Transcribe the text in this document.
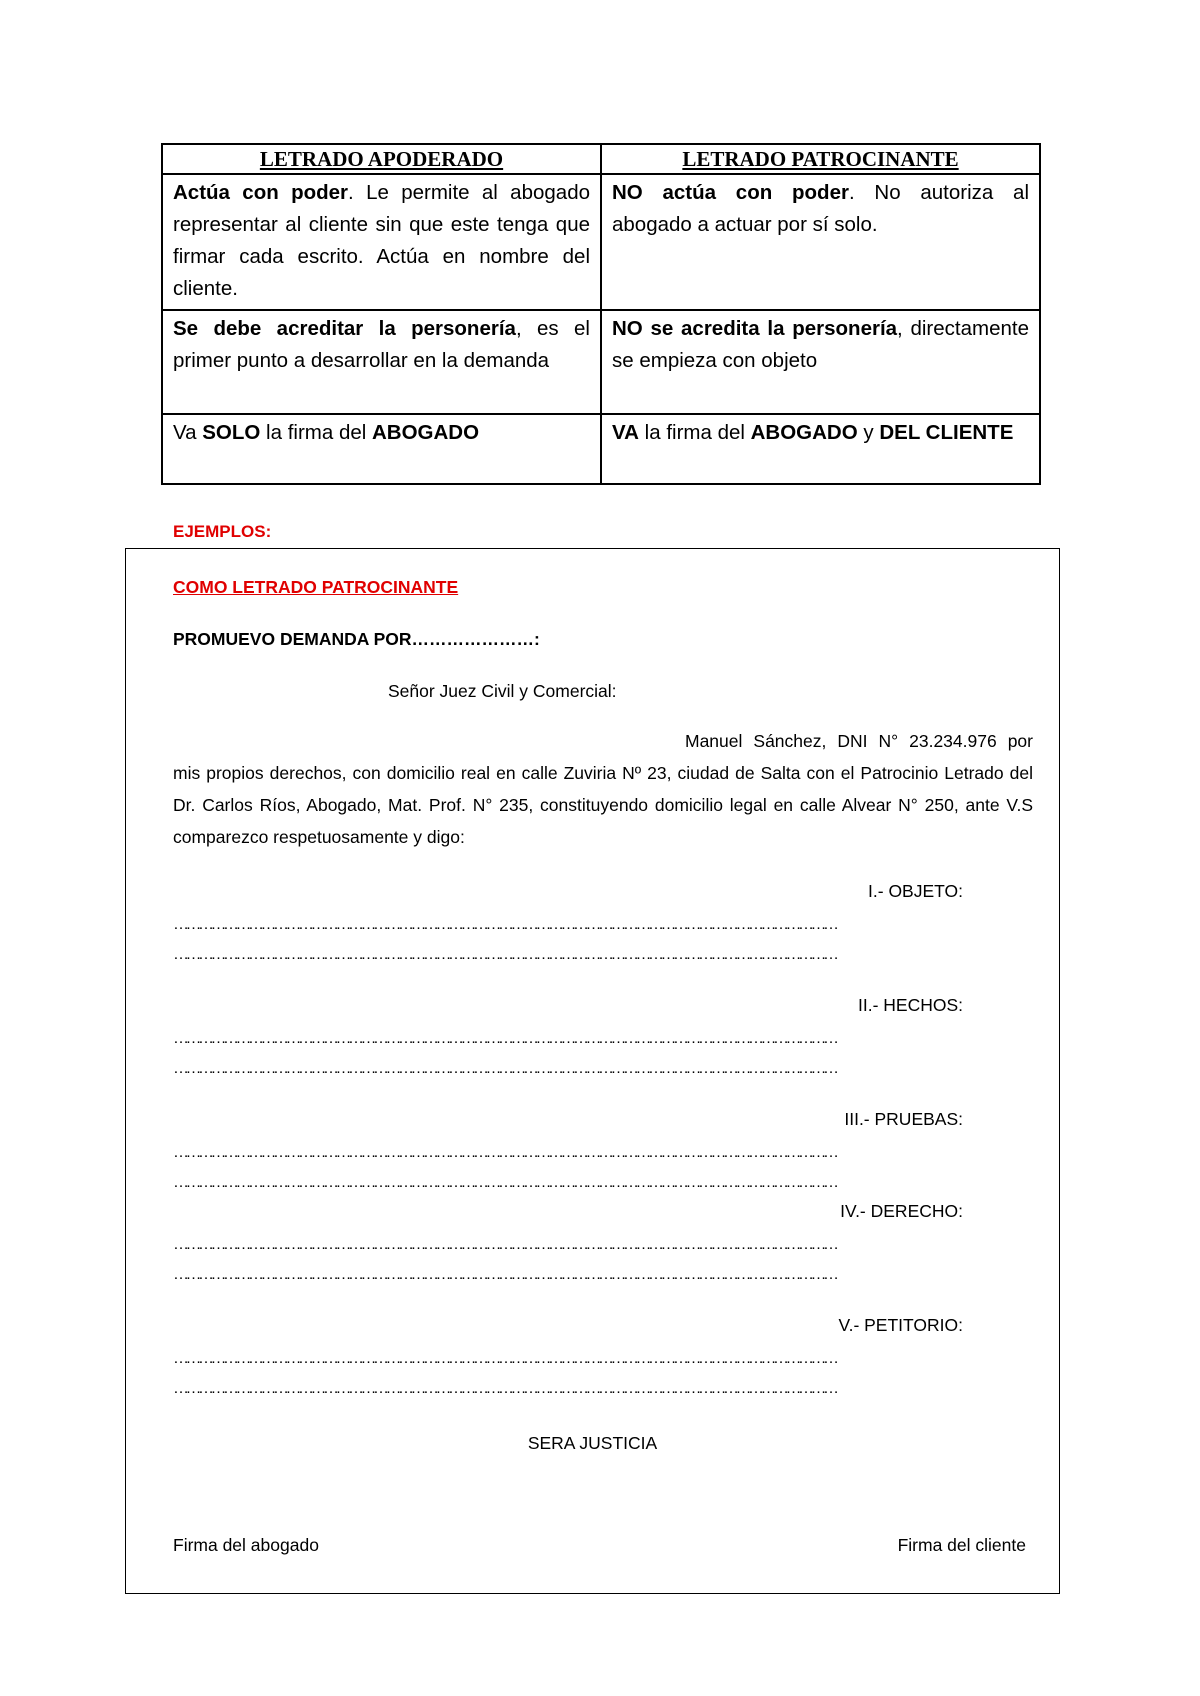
LETRADO APODERADO	LETRADO PATROCINANTE
Actúa con poder. Le permite al abogado representar al cliente sin que este tenga que firmar cada escrito. Actúa en nombre del cliente.	NO actúa con poder. No autoriza al abogado a actuar por sí solo.
Se debe acreditar la personería, es el primer punto a desarrollar en la demanda	NO se acredita la personería, directamente se empieza con objeto
Va SOLO la firma del ABOGADO	VA la firma del ABOGADO y DEL CLIENTE

EJEMPLOS:

COMO LETRADO PATROCINANTE

PROMUEVO DEMANDA POR…………………:

Señor Juez Civil y Comercial:

Manuel Sánchez, DNI N° 23.234.976 por mis propios derechos, con domicilio real en calle Zuviria Nº 23, ciudad de Salta con el Patrocinio Letrado del Dr. Carlos Ríos, Abogado, Mat. Prof. N° 235, constituyendo domicilio legal en calle Alvear N° 250, ante V.S comparezco respetuosamente y digo:

I.- OBJETO:

……………………………………………………………………………………………………………………………………………

……………………………………………………………………………………………………………………………………………

II.- HECHOS:

……………………………………………………………………………………………………………………………………………

……………………………………………………………………………………………………………………………………………

III.- PRUEBAS:

……………………………………………………………………………………………………………………………………………

……………………………………………………………………………………………………………………………………………

IV.- DERECHO:

……………………………………………………………………………………………………………………………………………

……………………………………………………………………………………………………………………………………………

V.- PETITORIO:

……………………………………………………………………………………………………………………………………………

……………………………………………………………………………………………………………………………………………

SERA JUSTICIA

Firma del abogado	Firma del cliente
